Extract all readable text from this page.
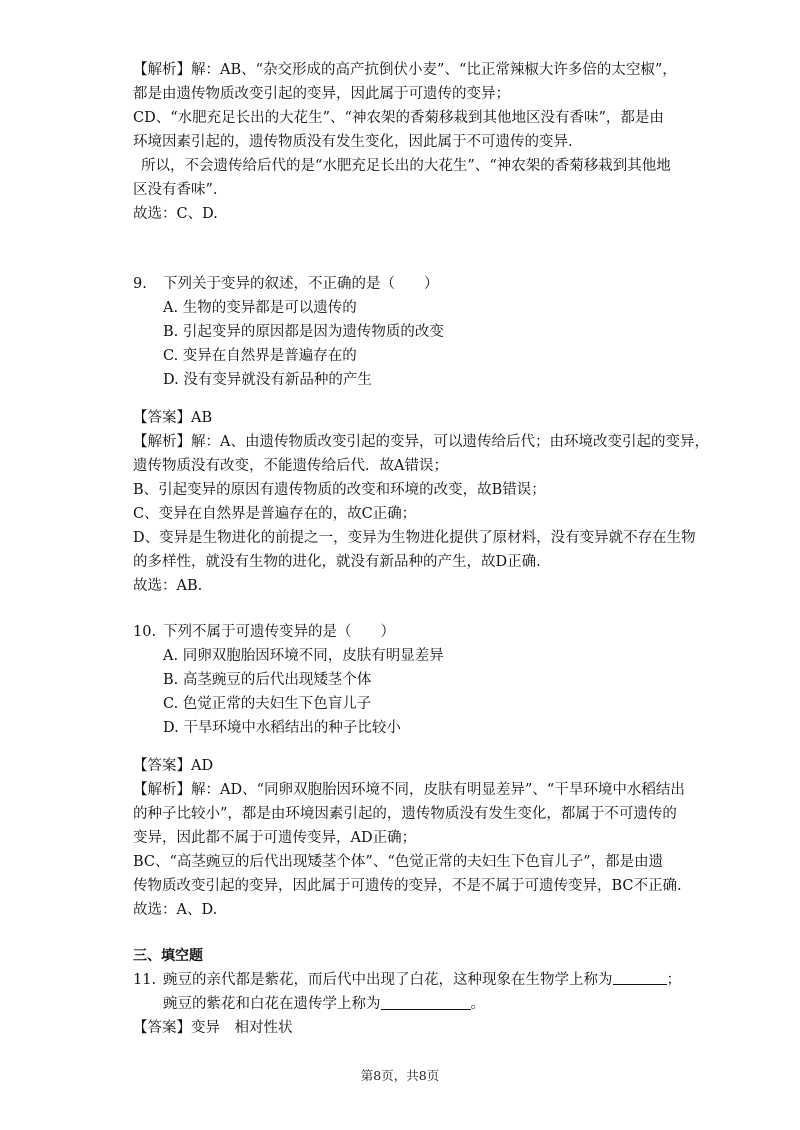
【解析】解：AB、“杂交形成的高产抗倒伏小麦”、“比正常辣椒大许多倍的太空椒”，
都是由遗传物质改变引起的变异，因此属于可遗传的变异；
CD、“水肥充足长出的大花生”、“神农架的香菊移栽到其他地区没有香味”，都是由
环境因素引起的，遗传物质没有发生变化，因此属于不可遗传的变异.
所以，不会遗传给后代的是“水肥充足长出的大花生”、“神农架的香菊移栽到其他地
区没有香味”.
故选：C、D.
9.	下列关于变异的叙述，不正确的是（　　）
A. 生物的变异都是可以遗传的
B. 引起变异的原因都是因为遗传物质的改变
C. 变异在自然界是普遍存在的
D. 没有变异就没有新品种的产生
【答案】AB
【解析】解：A、由遗传物质改变引起的变异，可以遗传给后代；由环境改变引起的变异，
遗传物质没有改变，不能遗传给后代．故A错误；
B、引起变异的原因有遗传物质的改变和环境的改变，故B错误；
C、变异在自然界是普遍存在的，故C正确；
D、变异是生物进化的前提之一，变异为生物进化提供了原材料，没有变异就不存在生物
的多样性，就没有生物的进化，就没有新品种的产生，故D正确.
故选：AB.
10. 下列不属于可遗传变异的是（　　）
A. 同卵双胞胎因环境不同，皮肤有明显差异
B. 高茎豌豆的后代出现矮茎个体
C. 色觉正常的夫妇生下色盲儿子
D. 干旱环境中水稻结出的种子比较小
【答案】AD
【解析】解：AD、“同卵双胞胎因环境不同，皮肤有明显差异”、“干旱环境中水稻结出
的种子比较小”，都是由环境因素引起的，遗传物质没有发生变化，都属于不可遗传的
变异，因此都不属于可遗传变异，AD正确；
BC、“高茎豌豆的后代出现矮茎个体”、“色觉正常的夫妇生下色盲儿子”，都是由遗
传物质改变引起的变异，因此属于可遗传的变异，不是不属于可遗传变异，BC不正确.
故选：A、D.
三、填空题
11. 豌豆的亲代都是紫花，而后代中出现了白花，这种现象在生物学上称为	；
豌豆的紫花和白花在遗传学上称为	。
【答案】变异　相对性状
第8页，共8页
